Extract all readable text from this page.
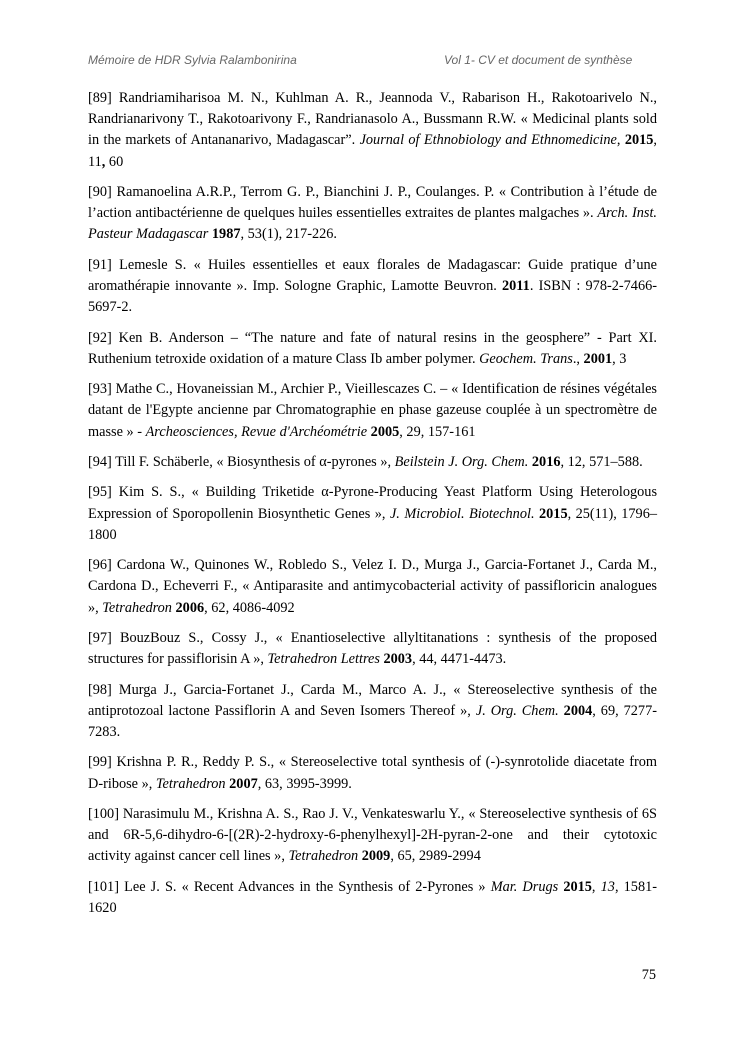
Mémoire de HDR Sylvia Ralambonirina	Vol 1- CV et document de synthèse

[89] Randriamiharisoa M. N., Kuhlman A. R., Jeannoda V., Rabarison H., Rakotoarivelo N., Randrianarivony T., Rakotoarivony F., Randrianasolo A., Bussmann R.W. « Medicinal plants sold in the markets of Antananarivo, Madagascar”. Journal of Ethnobiology and Ethnomedicine, 2015, 11, 60

[90] Ramanoelina A.R.P., Terrom G. P., Bianchini J. P., Coulanges. P. « Contribution à l’étude de l’action antibactérienne de quelques huiles essentielles extraites de plantes malgaches ». Arch. Inst. Pasteur Madagascar 1987, 53(1), 217-226.

[91] Lemesle S. « Huiles essentielles et eaux florales de Madagascar: Guide pratique d’une aromathérapie innovante ». Imp. Sologne Graphic, Lamotte Beuvron. 2011. ISBN : 978-2-7466-5697-2.

[92] Ken B. Anderson – “The nature and fate of natural resins in the geosphere” - Part XI. Ruthenium tetroxide oxidation of a mature Class Ib amber polymer. Geochem. Trans., 2001, 3

[93] Mathe C., Hovaneissian M., Archier P., Vieillescazes C. – « Identification de résines végétales datant de l'Egypte ancienne par Chromatographie en phase gazeuse couplée à un spectromètre de masse » - Archeosciences, Revue d'Archéométrie 2005, 29, 157-161

[94] Till F. Schäberle, « Biosynthesis of α-pyrones », Beilstein J. Org. Chem. 2016, 12, 571–588.

[95] Kim S. S., « Building Triketide α-Pyrone-Producing Yeast Platform Using Heterologous Expression of Sporopollenin Biosynthetic Genes », J. Microbiol. Biotechnol. 2015, 25(11), 1796–1800

[96] Cardona W., Quinones W., Robledo S., Velez I. D., Murga J., Garcia-Fortanet J., Carda M., Cardona D., Echeverri F., « Antiparasite and antimycobacterial activity of passifloricin analogues », Tetrahedron 2006, 62, 4086-4092

[97] BouzBouz S., Cossy J., « Enantioselective allyltitanations : synthesis of the proposed structures for passiflorisin A », Tetrahedron Lettres 2003, 44, 4471-4473.

[98] Murga J., Garcia-Fortanet J., Carda M., Marco A. J., « Stereoselective synthesis of the antiprotozoal lactone Passiflorin A and Seven Isomers Thereof », J. Org. Chem. 2004, 69, 7277-7283.

[99] Krishna P. R., Reddy P. S., « Stereoselective total synthesis of (-)-synrotolide diacetate from D-ribose », Tetrahedron 2007, 63, 3995-3999.

[100] Narasimulu M., Krishna A. S., Rao J. V., Venkateswarlu Y., « Stereoselective synthesis of 6S and 6R-5,6-dihydro-6-[(2R)-2-hydroxy-6-phenylhexyl]-2H-pyran-2-one and their cytotoxic activity against cancer cell lines », Tetrahedron 2009, 65, 2989-2994

[101] Lee J. S. « Recent Advances in the Synthesis of 2-Pyrones » Mar. Drugs 2015, 13, 1581-1620

75
